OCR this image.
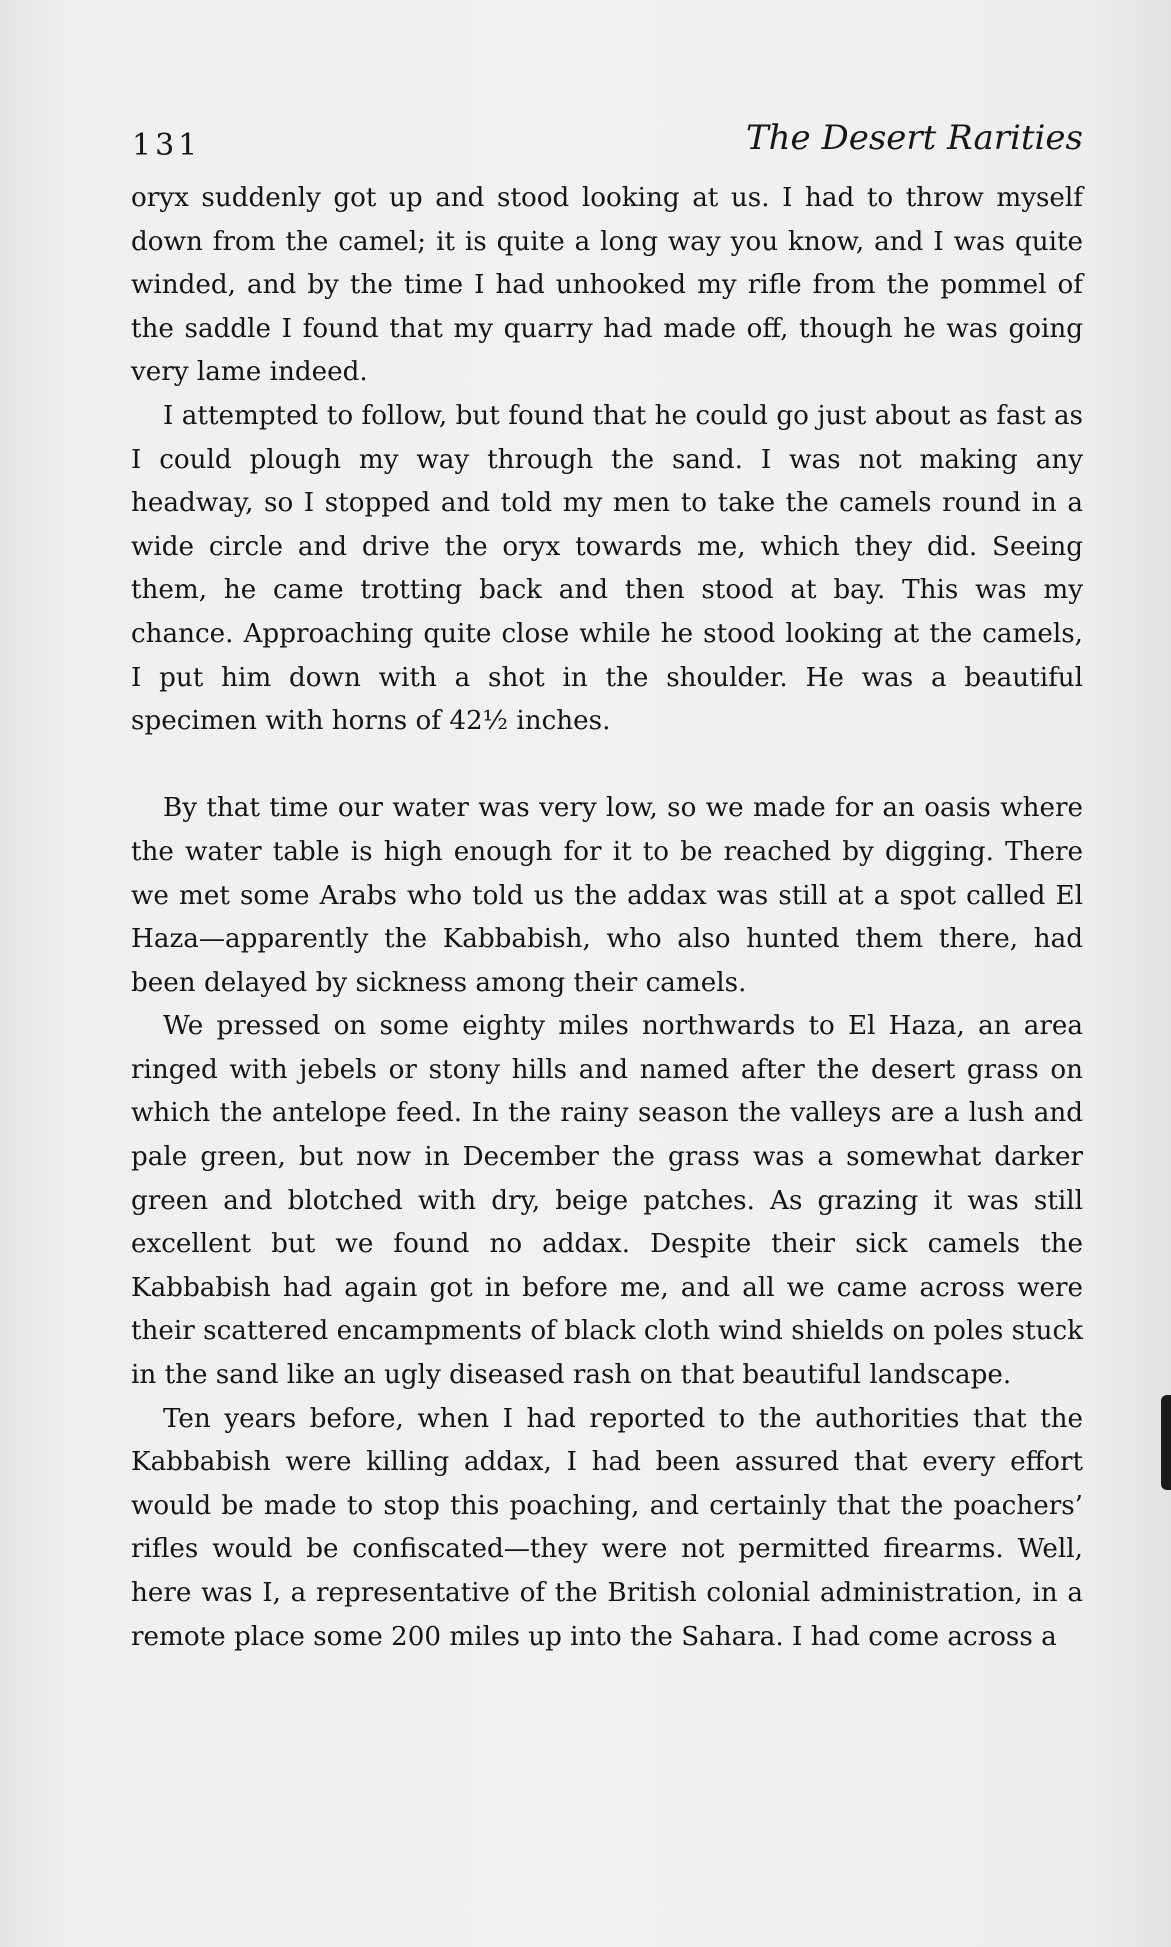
131	The Desert Rarities

oryx suddenly got up and stood looking at us. I had to throw myself down from the camel; it is quite a long way you know, and I was quite winded, and by the time I had unhooked my rifle from the pommel of the saddle I found that my quarry had made off, though he was going very lame indeed.

I attempted to follow, but found that he could go just about as fast as I could plough my way through the sand. I was not making any headway, so I stopped and told my men to take the camels round in a wide circle and drive the oryx towards me, which they did. Seeing them, he came trotting back and then stood at bay. This was my chance. Approaching quite close while he stood looking at the camels, I put him down with a shot in the shoulder. He was a beautiful specimen with horns of 42½ inches.

By that time our water was very low, so we made for an oasis where the water table is high enough for it to be reached by digging. There we met some Arabs who told us the addax was still at a spot called El Haza—apparently the Kabbabish, who also hunted them there, had been delayed by sickness among their camels.

We pressed on some eighty miles northwards to El Haza, an area ringed with jebels or stony hills and named after the desert grass on which the antelope feed. In the rainy season the valleys are a lush and pale green, but now in December the grass was a somewhat darker green and blotched with dry, beige patches. As grazing it was still excellent but we found no addax. Despite their sick camels the Kabbabish had again got in before me, and all we came across were their scattered encampments of black cloth wind shields on poles stuck in the sand like an ugly diseased rash on that beautiful landscape.

Ten years before, when I had reported to the authorities that the Kabbabish were killing addax, I had been assured that every effort would be made to stop this poaching, and certainly that the poachers’ rifles would be confiscated—they were not permitted firearms. Well, here was I, a representative of the British colonial administration, in a remote place some 200 miles up into the Sahara. I had come across a
